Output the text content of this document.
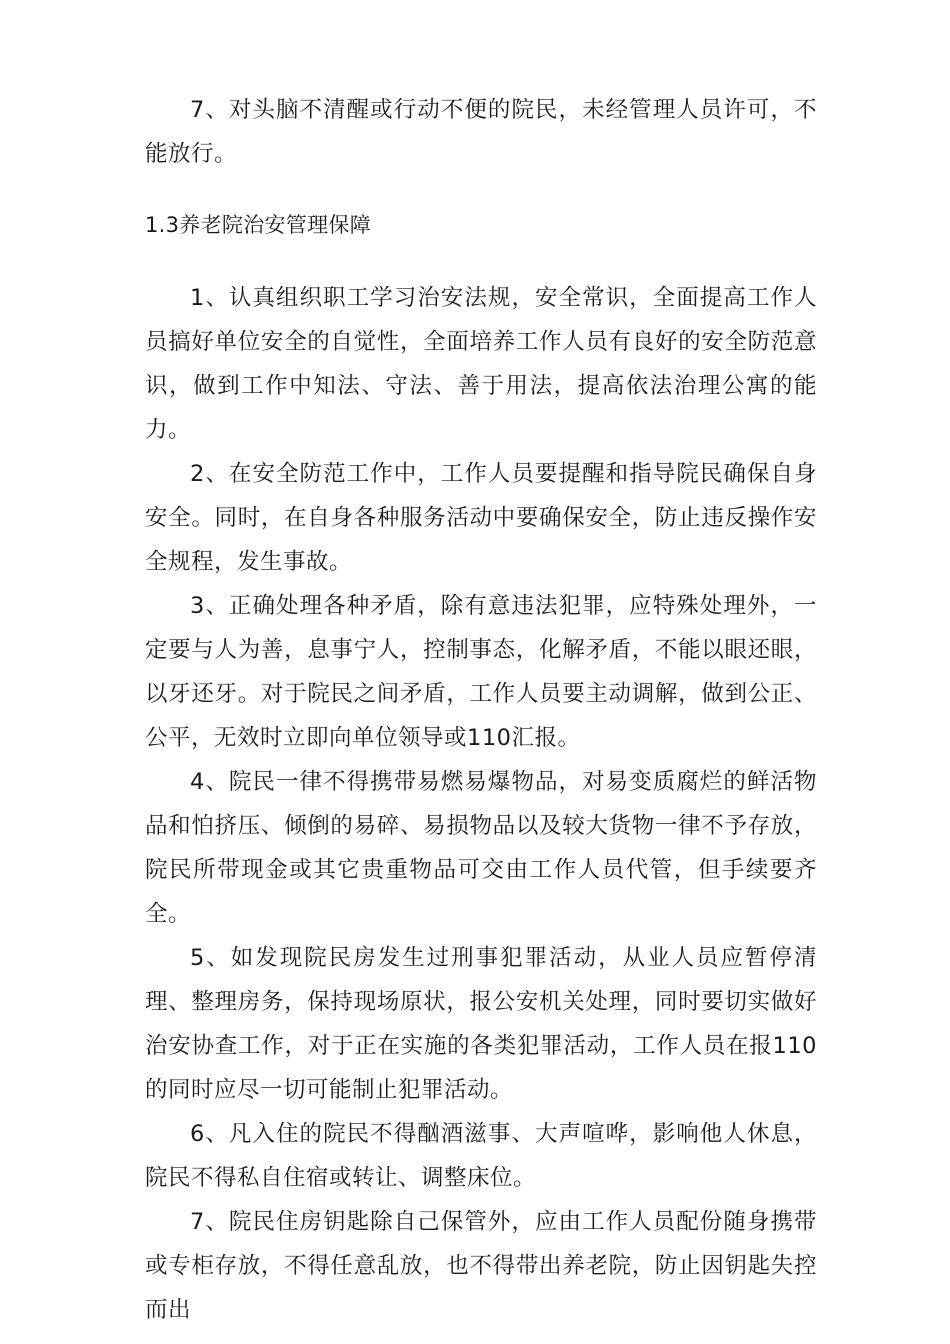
7、对头脑不清醒或行动不便的院民，未经管理人员许可，不能放行。

1.3养老院治安管理保障

1、认真组织职工学习治安法规，安全常识，全面提高工作人员搞好单位安全的自觉性，全面培养工作人员有良好的安全防范意识，做到工作中知法、守法、善于用法，提高依法治理公寓的能力。

2、在安全防范工作中，工作人员要提醒和指导院民确保自身安全。同时，在自身各种服务活动中要确保安全，防止违反操作安全规程，发生事故。

3、正确处理各种矛盾，除有意违法犯罪，应特殊处理外，一定要与人为善，息事宁人，控制事态，化解矛盾，不能以眼还眼，以牙还牙。对于院民之间矛盾，工作人员要主动调解，做到公正、公平，无效时立即向单位领导或110汇报。

4、院民一律不得携带易燃易爆物品，对易变质腐烂的鲜活物品和怕挤压、倾倒的易碎、易损物品以及较大货物一律不予存放，院民所带现金或其它贵重物品可交由工作人员代管，但手续要齐全。

5、如发现院民房发生过刑事犯罪活动，从业人员应暂停清理、整理房务，保持现场原状，报公安机关处理，同时要切实做好治安协查工作，对于正在实施的各类犯罪活动，工作人员在报110的同时应尽一切可能制止犯罪活动。

6、凡入住的院民不得酗酒滋事、大声喧哗，影响他人休息，院民不得私自住宿或转让、调整床位。

7、院民住房钥匙除自己保管外，应由工作人员配份随身携带或专柜存放，不得任意乱放，也不得带出养老院，防止因钥匙失控而出
